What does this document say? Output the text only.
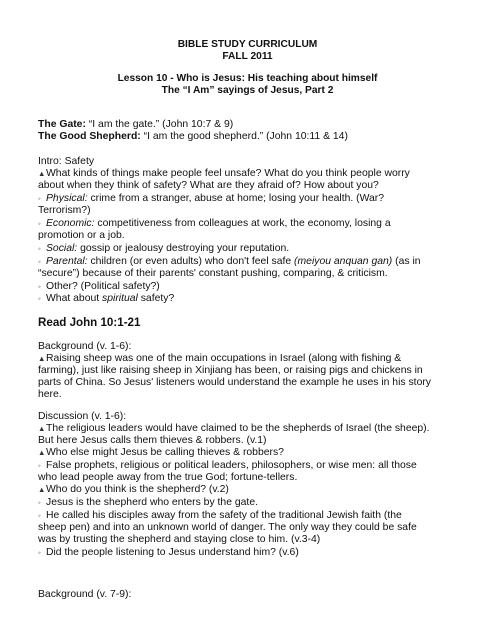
BIBLE STUDY CURRICULUM
FALL 2011
Lesson 10 - Who is Jesus: His teaching about himself
The “I Am” sayings of Jesus, Part 2
The Gate: “I am the gate.” (John 10:7 & 9)
The Good Shepherd: “I am the good shepherd.” (John 10:11 & 14)
Intro: Safety
▲What kinds of things make people feel unsafe? What do you think people worry
about when they think of safety? What are they afraid of? How about you?
◦ Physical: crime from a stranger, abuse at home; losing your health. (War?
Terrorism?)
◦ Economic: competitiveness from colleagues at work, the economy, losing a
promotion or a job.
◦ Social: gossip or jealousy destroying your reputation.
◦ Parental: children (or even adults) who don't feel safe (meiyou anquan gan) (as in
“secure”) because of their parents' constant pushing, comparing, & criticism.
◦ Other? (Political safety?)
◦ What about spiritual safety?
Read John 10:1-21
Background (v. 1-6):
▲Raising sheep was one of the main occupations in Israel (along with fishing &
farming), just like raising sheep in Xinjiang has been, or raising pigs and chickens in
parts of China. So Jesus' listeners would understand the example he uses in his story
here.
Discussion (v. 1-6):
▲The religious leaders would have claimed to be the shepherds of Israel (the sheep).
But here Jesus calls them thieves & robbers. (v.1)
▲Who else might Jesus be calling thieves & robbers?
◦ False prophets, religious or political leaders, philosophers, or wise men: all those
who lead people away from the true God; fortune-tellers.
▲Who do you think is the shepherd? (v.2)
◦ Jesus is the shepherd who enters by the gate.
◦ He called his disciples away from the safety of the traditional Jewish faith (the
sheep pen) and into an unknown world of danger. The only way they could be safe
was by trusting the shepherd and staying close to him. (v.3-4)
◦ Did the people listening to Jesus understand him? (v.6)
Background (v. 7-9):
